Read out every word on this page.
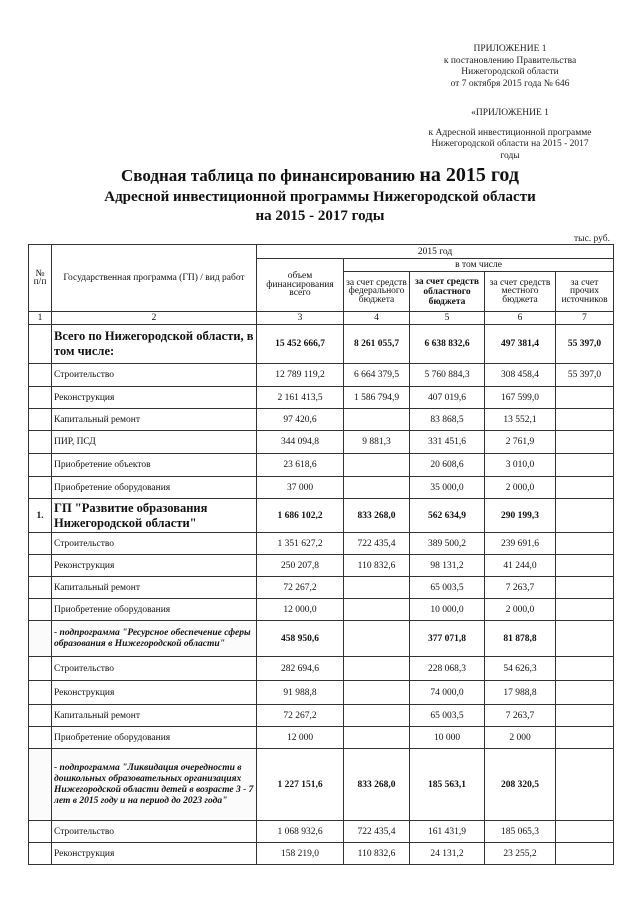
ПРИЛОЖЕНИЕ 1
к постановлению Правительства
Нижегородской области
от 7 октября 2015 года № 646
«ПРИЛОЖЕНИЕ 1
к Адресной инвестиционной программе
Нижегородской области на 2015 - 2017
годы
Сводная таблица по финансированию на 2015 год
Адресной инвестиционной программы Нижегородской области
на 2015 - 2017 годы
тыс. руб.
№ п/п	Государственная программа (ГП) / вид работ	2015 год				
		объем финансирования всего	в том числе			
			за счет средств федерального бюджета	за счет средств областного бюджета	за счет средств местного бюджета	за счет прочих источников
1	2	3	4	5	6	7
	Всего по Нижегородской области, в том числе:	15 452 666,7	8 261 055,7	6 638 832,6	497 381,4	55 397,0
	Строительство	12 789 119,2	6 664 379,5	5 760 884,3	308 458,4	55 397,0
	Реконструкция	2 161 413,5	1 586 794,9	407 019,6	167 599,0	
	Капитальный ремонт	97 420,6		83 868,5	13 552,1	
	ПИР, ПСД	344 094,8	9 881,3	331 451,6	2 761,9	
	Приобретение объектов	23 618,6		20 608,6	3 010,0	
	Приобретение оборудования	37 000		35 000,0	2 000,0	
1.	ГП "Развитие образования Нижегородской области"	1 686 102,2	833 268,0	562 634,9	290 199,3	
	Строительство	1 351 627,2	722 435,4	389 500,2	239 691,6	
	Реконструкция	250 207,8	110 832,6	98 131,2	41 244,0	
	Капитальный ремонт	72 267,2		65 003,5	7 263,7	
	Приобретение оборудования	12 000,0		10 000,0	2 000,0	
	- подпрограмма "Ресурсное обеспечение сферы образования в Нижегородской области"	458 950,6		377 071,8	81 878,8	
	Строительство	282 694,6		228 068,3	54 626,3	
	Реконструкция	91 988,8		74 000,0	17 988,8	
	Капитальный ремонт	72 267,2		65 003,5	7 263,7	
	Приобретение оборудования	12 000		10 000	2 000	
	- подпрограмма "Ликвидация очередности в дошкольных образовательных организациях Нижегородской области детей в возрасте 3 - 7 лет в 2015 году и на период до 2023 года"	1 227 151,6	833 268,0	185 563,1	208 320,5	
	Строительство	1 068 932,6	722 435,4	161 431,9	185 065,3	
	Реконструкция	158 219,0	110 832,6	24 131,2	23 255,2	
